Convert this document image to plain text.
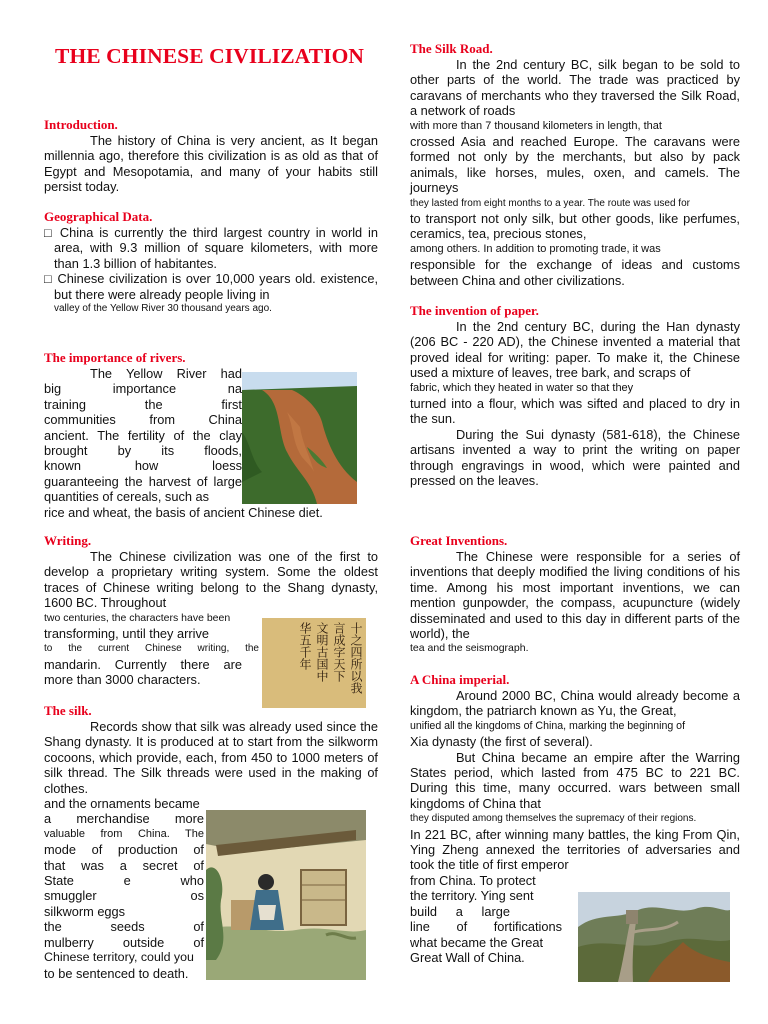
THE CHINESE CIVILIZATION
Introduction.

The history of China is very ancient, as It began millennia ago, therefore this civilization is as old as that of Egypt and Mesopotamia, and many of your habits still persist today.

Geographical Data.

□ China is currently the third largest country in world in area, with 9.3 million of square kilometers, with more than 1.3 billion of habitantes.

□ Chinese civilization is over 10,000 years old. existence, but there were already people living in

valley of the Yellow River 30 thousand years ago.

The importance of rivers.

The Yellow River had

big importance na

training the first

communities from China

ancient. The fertility of the clay

brought by its floods,

known how loess

guaranteeing the harvest of large

quantities of cereals, such as

rice and wheat, the basis of ancient Chinese diet.

Writing.

The Chinese civilization was one of the first to develop a proprietary writing system. Some the oldest traces of Chinese writing belong to the Shang dynasty, 1600 BC. Throughout

two centuries, the characters have been

transforming, until they arrive

to the current Chinese writing, the

mandarin. Currently there are more than 3000 characters.

The silk.

Records show that silk was already used since the Shang dynasty. It is produced at to start from the silkworm cocoons, which provide, each, from 450 to 1000 meters of silk thread. The Silk threads were used in the making of clothes.

and the ornaments became

a merchandise more

valuable from China. The

mode of production of

that was a secret of

State e who

smuggler os

silkworm eggs

the seeds of

mulberry outside of

Chinese territory, could you

to be sentenced to death.

The Silk Road.

In the 2nd century BC, silk began to be sold to other parts of the world. The trade was practiced by caravans of merchants who they traversed the Silk Road, a network of roads

with more than 7 thousand kilometers in length, that

crossed Asia and reached Europe. The caravans were formed not only by the merchants, but also by pack animals, like horses, mules, oxen, and camels. The journeys

they lasted from eight months to a year. The route was used for

to transport not only silk, but other goods, like perfumes, ceramics, tea, precious stones,

among others. In addition to promoting trade, it was

responsible for the exchange of ideas and customs between China and other civilizations.

The invention of paper.

In the 2nd century BC, during the Han dynasty (206 BC - 220 AD), the Chinese invented a material that proved ideal for writing: paper. To make it, the Chinese used a mixture of leaves, tree bark, and scraps of

fabric, which they heated in water so that they

turned into a flour, which was sifted and placed to dry in the sun.

During the Sui dynasty (581-618), the Chinese artisans invented a way to print the writing on paper through engravings in wood, which were painted and pressed on the leaves.

Great Inventions.

The Chinese were responsible for a series of inventions that deeply modified the living conditions of his time. Among his most important inventions, we can mention gunpowder, the compass, acupuncture (widely disseminated and used to this day in different parts of the world), the

tea and the seismograph.

A China imperial.

Around 2000 BC, China would already become a kingdom, the patriarch known as Yu, the Great,

unified all the kingdoms of China, marking the beginning of

Xia dynasty (the first of several).

But China became an empire after the Warring States period, which lasted from 475 BC to 221 BC. During this time, many occurred. wars between small kingdoms of China that

they disputed among themselves the supremacy of their regions.

In 221 BC, after winning many battles, the king From Qin, Ying Zheng annexed the territories of adversaries and took the title of first emperor

from China. To protect

the territory. Ying sent

build a large

line of fortifications

what became the Great

Great Wall of China.

十之四所以我
言成字天下
文明古国中
华五千年
